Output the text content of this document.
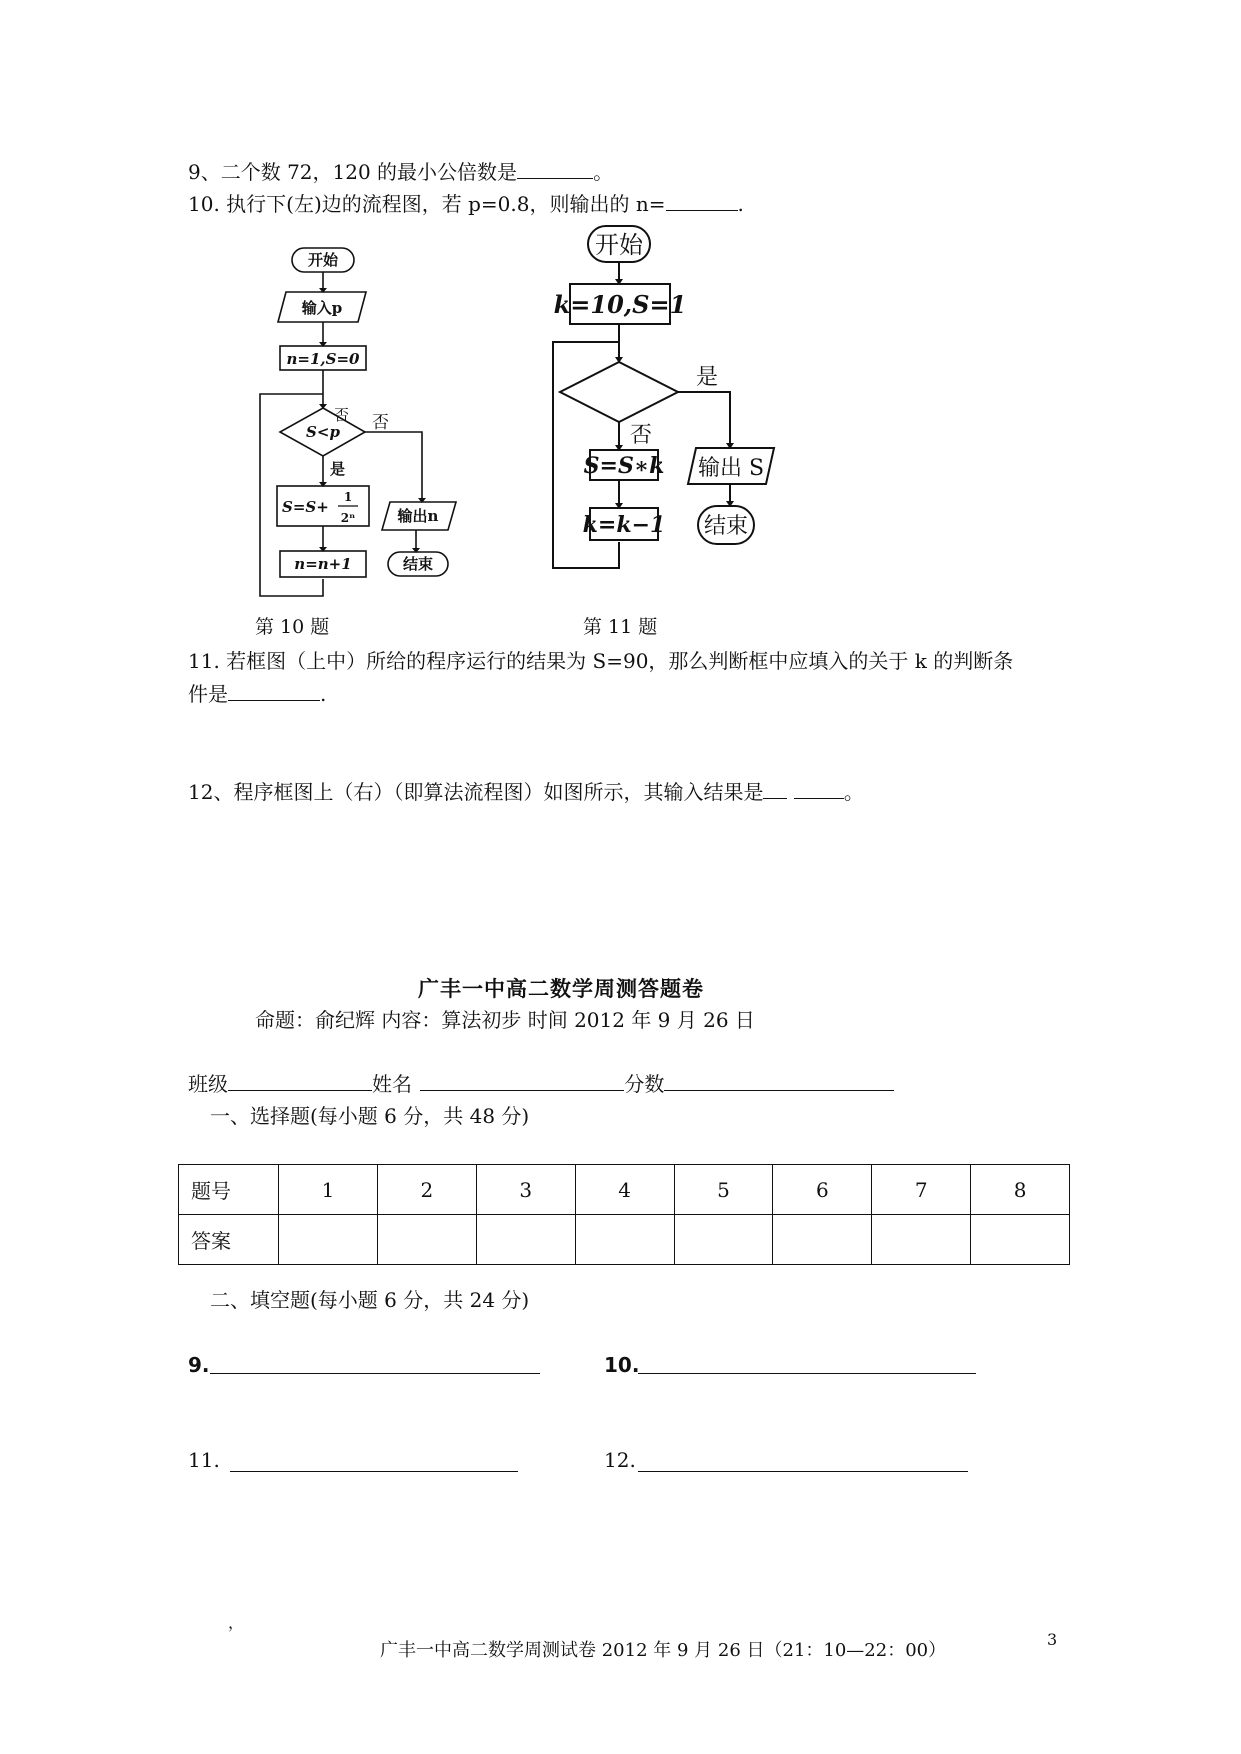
9、二个数 72，120 的最小公倍数是	。
10. 执行下(左)边的流程图，若 p=0.8，则输出的 n=	.
开始
输入p
n=1,S=0
S<p
否
是
S=S+
1
2ⁿ
n=n+1
输出n
结束
否
第 10 题
开始
k=10,S=1
是
否
S=S∗k
k=k−1
输出 S
结束
第 11 题
11. 若框图（上中）所给的程序运行的结果为 S=90，那么判断框中应填入的关于 k 的判断条
件是	.
12、程序框图上（右）（即算法流程图）如图所示，其输入结果是	。
广丰一中高二数学周测答题卷
命题：俞纪辉 内容：算法初步 时间 2012 年 9 月 26 日
班级	姓名	分数
一、选择题(每小题 6 分，共 48 分)
题号	1	2	3	4	5	6	7	8
答案								
二、填空题(每小题 6 分，共 24 分)
9.	10.
11.	12.
，
广丰一中高二数学周测试卷 2012 年 9 月 26 日（21：10—22：00）
3
